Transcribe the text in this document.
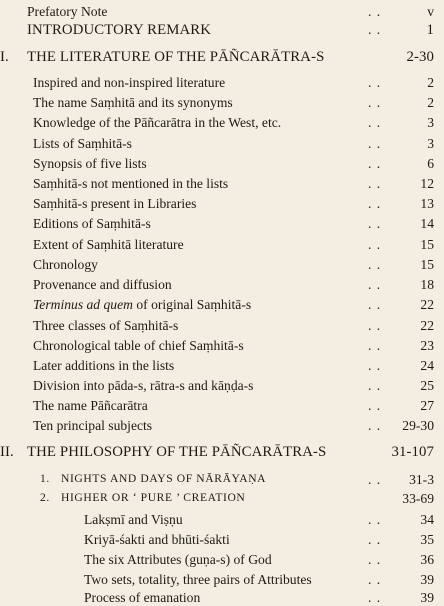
Prefatory Note	. .	v
INTRODUCTORY REMARK	. .	1
I. THE LITERATURE OF THE PĀÑCARĀTRA-S	2-30
Inspired and non-inspired literature	. .	2
The name Saṃhitā and its synonyms	. .	2
Knowledge of the Pāñcarātra in the West, etc.	. .	3
Lists of Saṃhitā-s	. .	3
Synopsis of five lists	. .	6
Saṃhitā-s not mentioned in the lists	. .	12
Saṃhitā-s present in Libraries	. .	13
Editions of Saṃhitā-s	. .	14
Extent of Saṃhitā literature	. .	15
Chronology	. .	15
Provenance and diffusion	. .	18
Terminus ad quem of original Saṃhitā-s	. .	22
Three classes of Saṃhitā-s	. .	22
Chronological table of chief Saṃhitā-s	. .	23
Later additions in the lists	. .	24
Division into pāda-s, rātra-s and kāṇḍa-s	. .	25
The name Pāñcarātra	. .	27
Ten principal subjects	. . 29-30
II. THE PHILOSOPHY OF THE PĀÑCARĀTRA-S	31-107
1. NIGHTS AND DAYS OF NĀRĀYAṆA	. . 31-3
2. HIGHER OR ‘ PURE ’ CREATION	33-69
Lakṣmī and Viṣṇu	. .	34
Kriyā-śakti and bhūti-śakti	. .	35
The six Attributes (guṇa-s) of God	. .	36
Two sets, totality, three pairs of Attributes	. .	39
Process of emanation	. .	39
